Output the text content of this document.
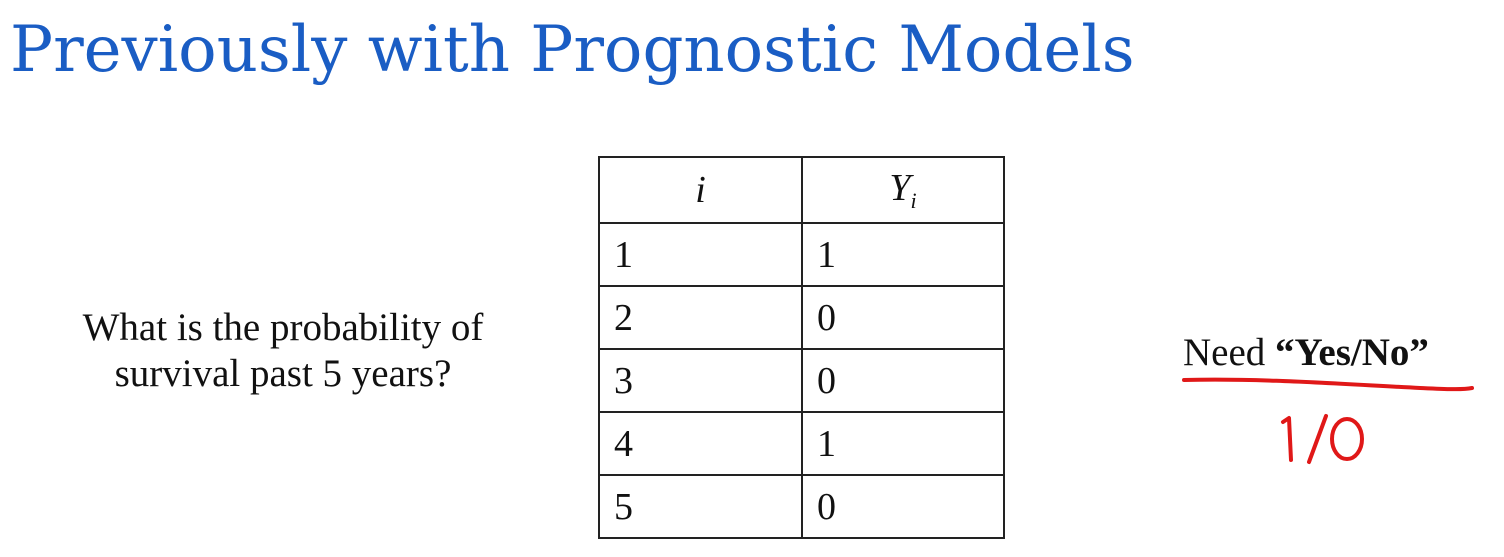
Previously with Prognostic Models
What is the probability of
survival past 5 years?
i	$Y_i$
1	1
2	0
3	0
4	1
5	0
Need “Yes/No”
